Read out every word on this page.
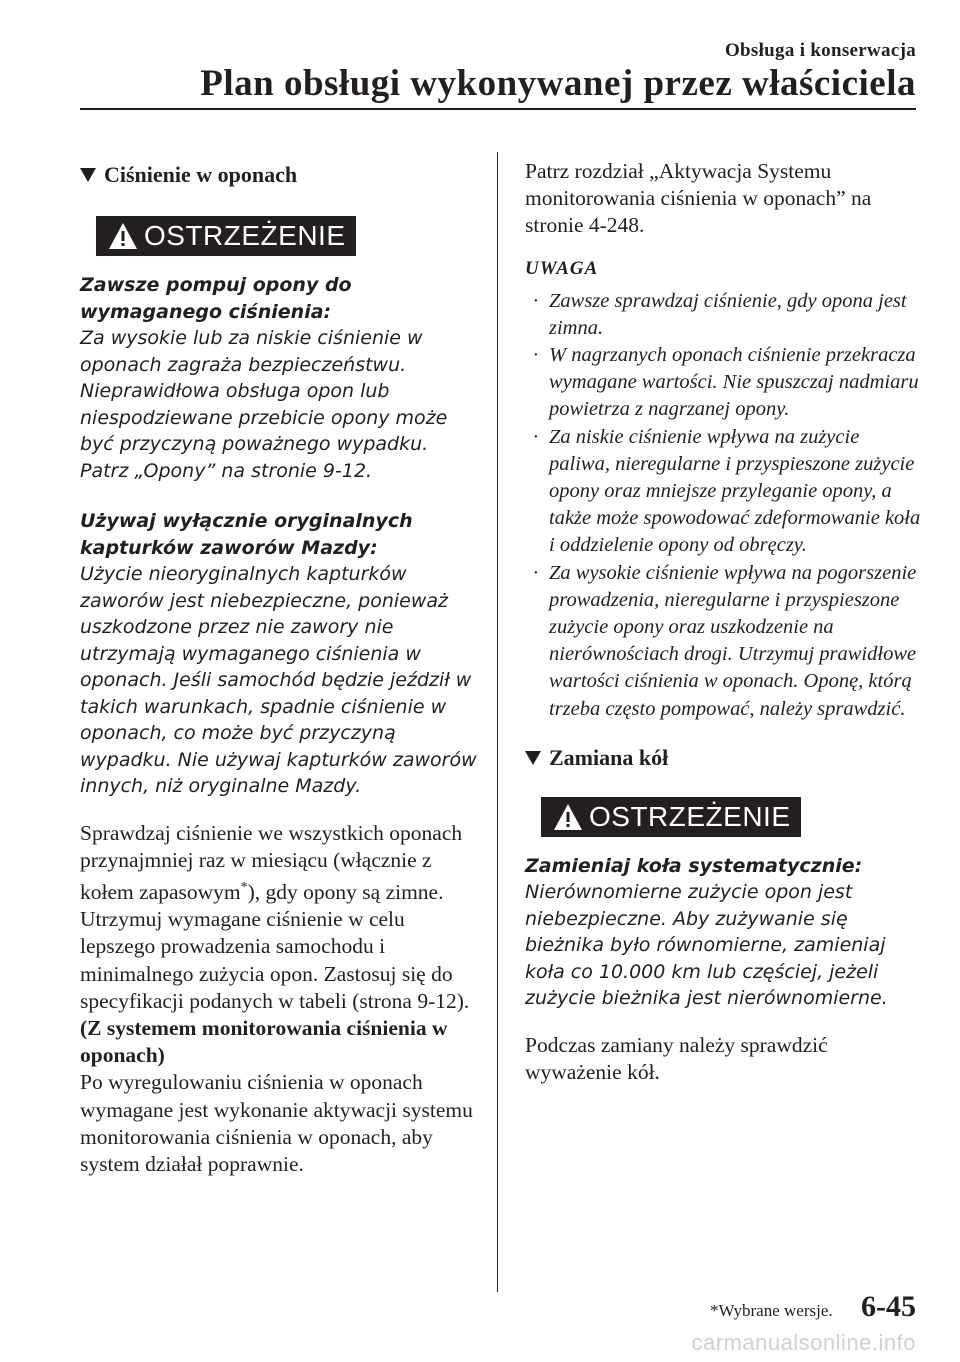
Obsługa i konserwacja
Plan obsługi wykonywanej przez właściciela
Ciśnienie w oponach
OSTRZEŻENIE

Zawsze pompuj opony do wymaganego ciśnienia:

Za wysokie lub za niskie ciśnienie w oponach zagraża bezpieczeństwu. Nieprawidłowa obsługa opon lub niespodziewane przebicie opony może być przyczyną poważnego wypadku.

Patrz „Opony” na stronie 9-12.

Używaj wyłącznie oryginalnych kapturków zaworów Mazdy:

Użycie nieoryginalnych kapturków zaworów jest niebezpieczne, ponieważ uszkodzone przez nie zawory nie utrzymają wymaganego ciśnienia w oponach. Jeśli samochód będzie jeździł w takich warunkach, spadnie ciśnienie w oponach, co może być przyczyną wypadku. Nie używaj kapturków zaworów innych, niż oryginalne Mazdy.

Sprawdzaj ciśnienie we wszystkich oponach przynajmniej raz w miesiącu (włącznie z kołem zapasowym*), gdy opony są zimne. Utrzymuj wymagane ciśnienie w celu lepszego prowadzenia samochodu i minimalnego zużycia opon. Zastosuj się do specyfikacji podanych w tabeli (strona 9-12).

(Z systemem monitorowania ciśnienia w oponach)

Po wyregulowaniu ciśnienia w oponach wymagane jest wykonanie aktywacji systemu monitorowania ciśnienia w oponach, aby system działał poprawnie.

Patrz rozdział „Aktywacja Systemu monitorowania ciśnienia w oponach” na stronie 4-248.

UWAGA

· Zawsze sprawdzaj ciśnienie, gdy opona jest zimna.
· W nagrzanych oponach ciśnienie przekracza wymagane wartości. Nie spuszczaj nadmiaru powietrza z nagrzanej opony.
· Za niskie ciśnienie wpływa na zużycie paliwa, nieregularne i przyspieszone zużycie opony oraz mniejsze przyleganie opony, a także może spowodować zdeformowanie koła i oddzielenie opony od obręczy.
· Za wysokie ciśnienie wpływa na pogorszenie prowadzenia, nieregularne i przyspieszone zużycie opony oraz uszkodzenie na nierównościach drogi. Utrzymuj prawidłowe wartości ciśnienia w oponach. Oponę, którą trzeba często pompować, należy sprawdzić.
Zamiana kół
OSTRZEŻENIE

Zamieniaj koła systematycznie:

Nierównomierne zużycie opon jest niebezpieczne. Aby zużywanie się bieżnika było równomierne, zamieniaj koła co 10.000 km lub częściej, jeżeli zużycie bieżnika jest nierównomierne.

Podczas zamiany należy sprawdzić wyważenie kół.

*Wybrane wersje. 6-45
carmanualsonline.info
